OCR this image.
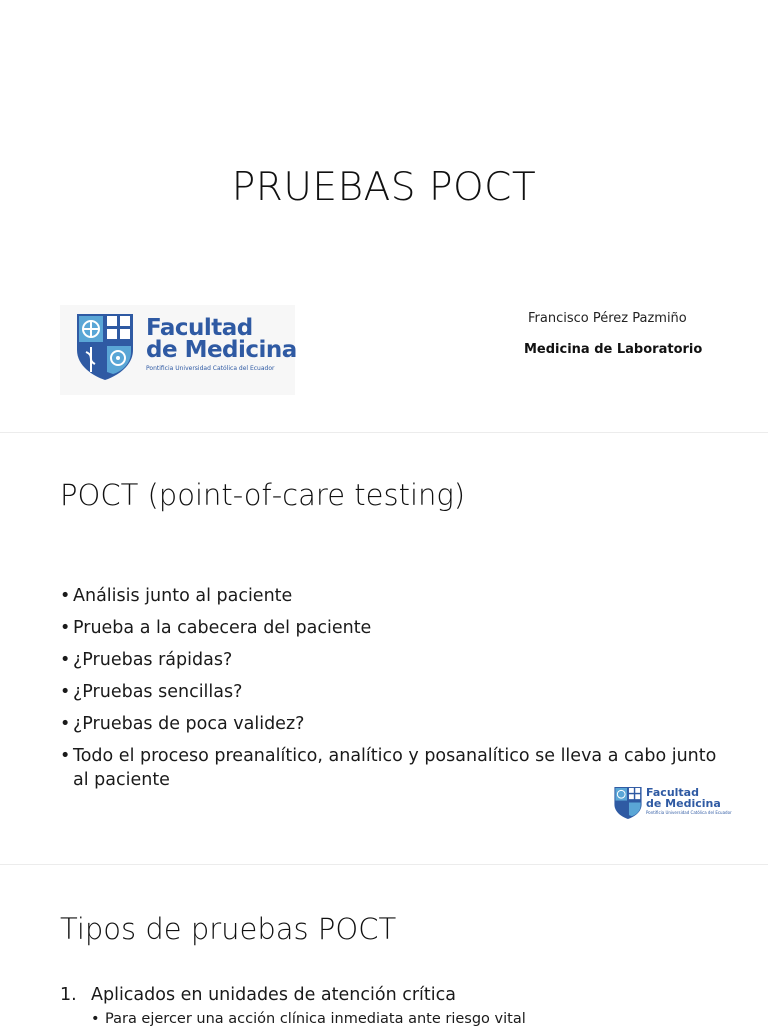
PRUEBAS POCT
Facultad
de Medicina
Pontificia Universidad Católica del Ecuador
Francisco Pérez Pazmiño
Medicina de Laboratorio
POCT (point-of-care testing)
• Análisis junto al paciente
• Prueba a la cabecera del paciente
• ¿Pruebas rápidas?
• ¿Pruebas sencillas?
• ¿Pruebas de poca validez?
• Todo el proceso preanalítico, analítico y posanalítico se lleva a cabo junto al paciente
Facultad
de Medicina
Pontificia Universidad Católica del Ecuador
Tipos de pruebas POCT
1. Aplicados en unidades de atención crítica
• Para ejercer una acción clínica inmediata ante riesgo vital
